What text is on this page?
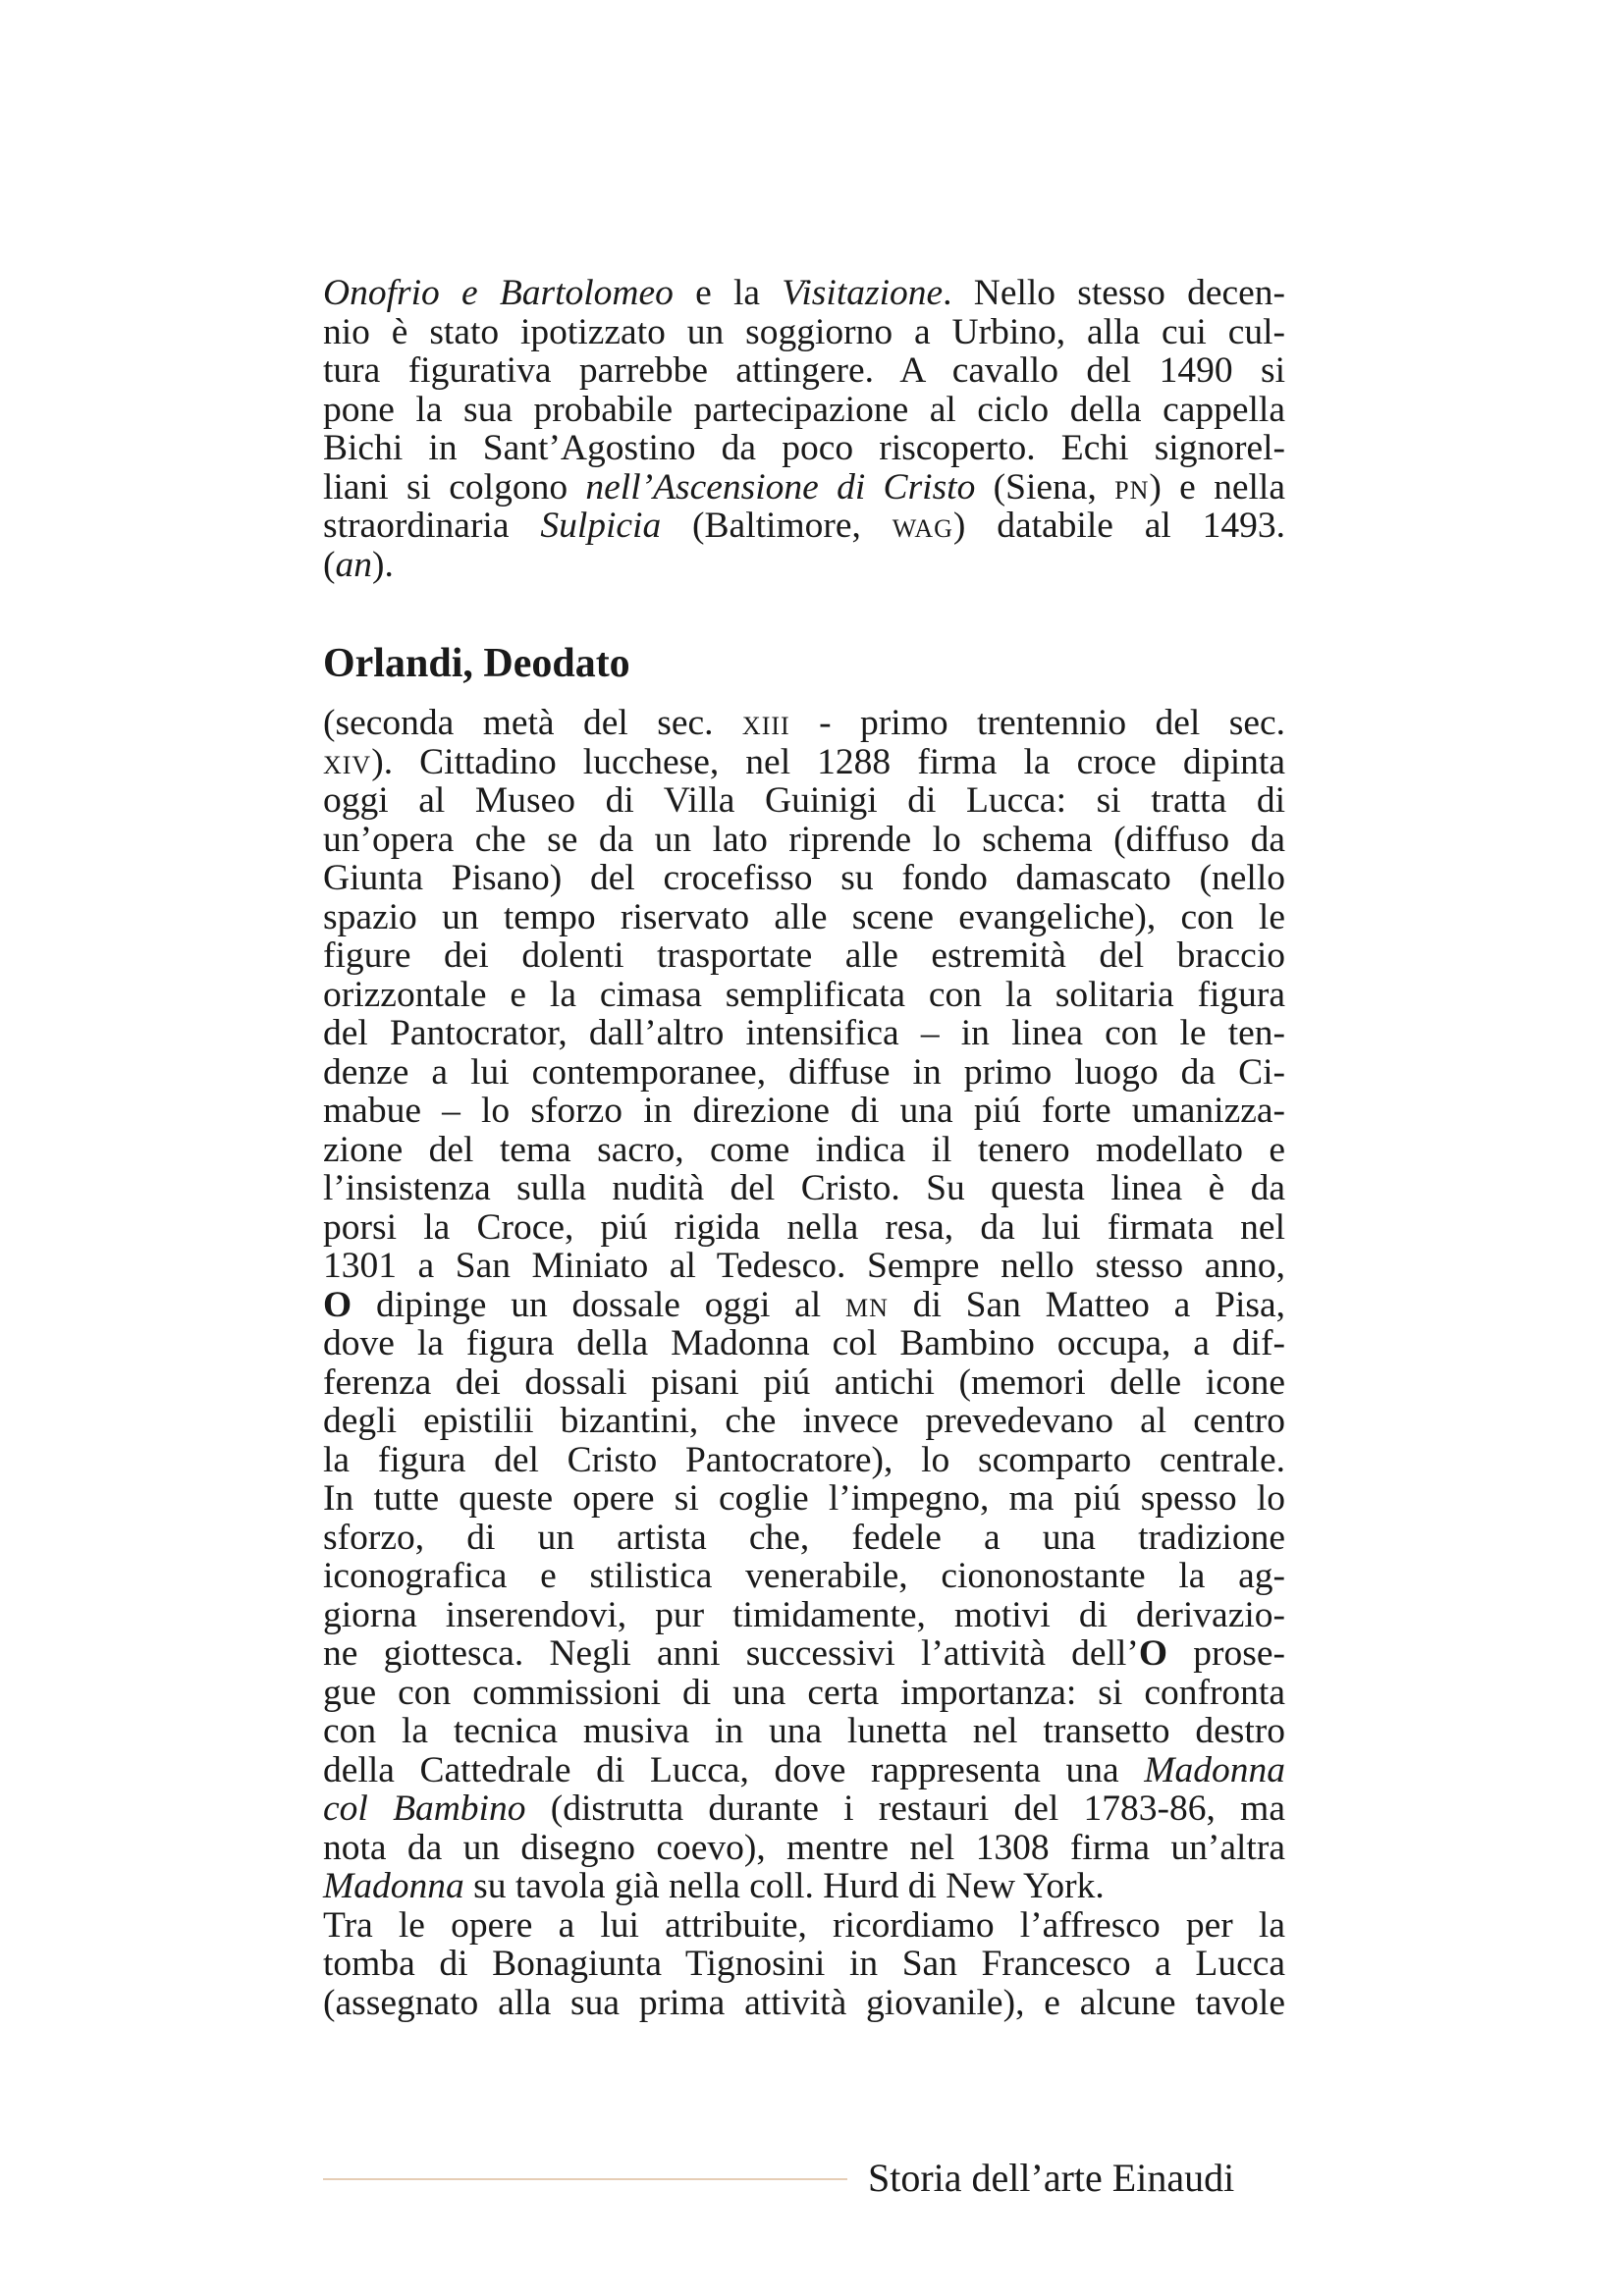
Onofrio e Bartolomeo e la Visitazione. Nello stesso decen-
nio è stato ipotizzato un soggiorno a Urbino, alla cui cul-
tura figurativa parrebbe attingere. A cavallo del 1490 si
pone la sua probabile partecipazione al ciclo della cappella
Bichi in Sant’Agostino da poco riscoperto. Echi signorel-
liani si colgono nell’Ascensione di Cristo (Siena, pn) e nella
straordinaria Sulpicia (Baltimore, wag) databile al 1493.
(an).
Orlandi, Deodato
(seconda metà del sec. xiii - primo trentennio del sec.
xiv). Cittadino lucchese, nel 1288 firma la croce dipinta
oggi al Museo di Villa Guinigi di Lucca: si tratta di
un’opera che se da un lato riprende lo schema (diffuso da
Giunta Pisano) del crocefisso su fondo damascato (nello
spazio un tempo riservato alle scene evangeliche), con le
figure dei dolenti trasportate alle estremità del braccio
orizzontale e la cimasa semplificata con la solitaria figura
del Pantocrator, dall’altro intensifica – in linea con le ten-
denze a lui contemporanee, diffuse in primo luogo da Ci-
mabue – lo sforzo in direzione di una piú forte umanizza-
zione del tema sacro, come indica il tenero modellato e
l’insistenza sulla nudità del Cristo. Su questa linea è da
porsi la Croce, piú rigida nella resa, da lui firmata nel
1301 a San Miniato al Tedesco. Sempre nello stesso anno,
O dipinge un dossale oggi al mn di San Matteo a Pisa,
dove la figura della Madonna col Bambino occupa, a dif-
ferenza dei dossali pisani piú antichi (memori delle icone
degli epistilii bizantini, che invece prevedevano al centro
la figura del Cristo Pantocratore), lo scomparto centrale.
In tutte queste opere si coglie l’impegno, ma piú spesso lo
sforzo, di un artista che, fedele a una tradizione
iconografica e stilistica venerabile, ciononostante la ag-
giorna inserendovi, pur timidamente, motivi di derivazio-
ne giottesca. Negli anni successivi l’attività dell’O prose-
gue con commissioni di una certa importanza: si confronta
con la tecnica musiva in una lunetta nel transetto destro
della Cattedrale di Lucca, dove rappresenta una Madonna
col Bambino (distrutta durante i restauri del 1783-86, ma
nota da un disegno coevo), mentre nel 1308 firma un’altra
Madonna su tavola già nella coll. Hurd di New York.
Tra le opere a lui attribuite, ricordiamo l’affresco per la
tomba di Bonagiunta Tignosini in San Francesco a Lucca
(assegnato alla sua prima attività giovanile), e alcune tavole
Storia dell’arte Einaudi
